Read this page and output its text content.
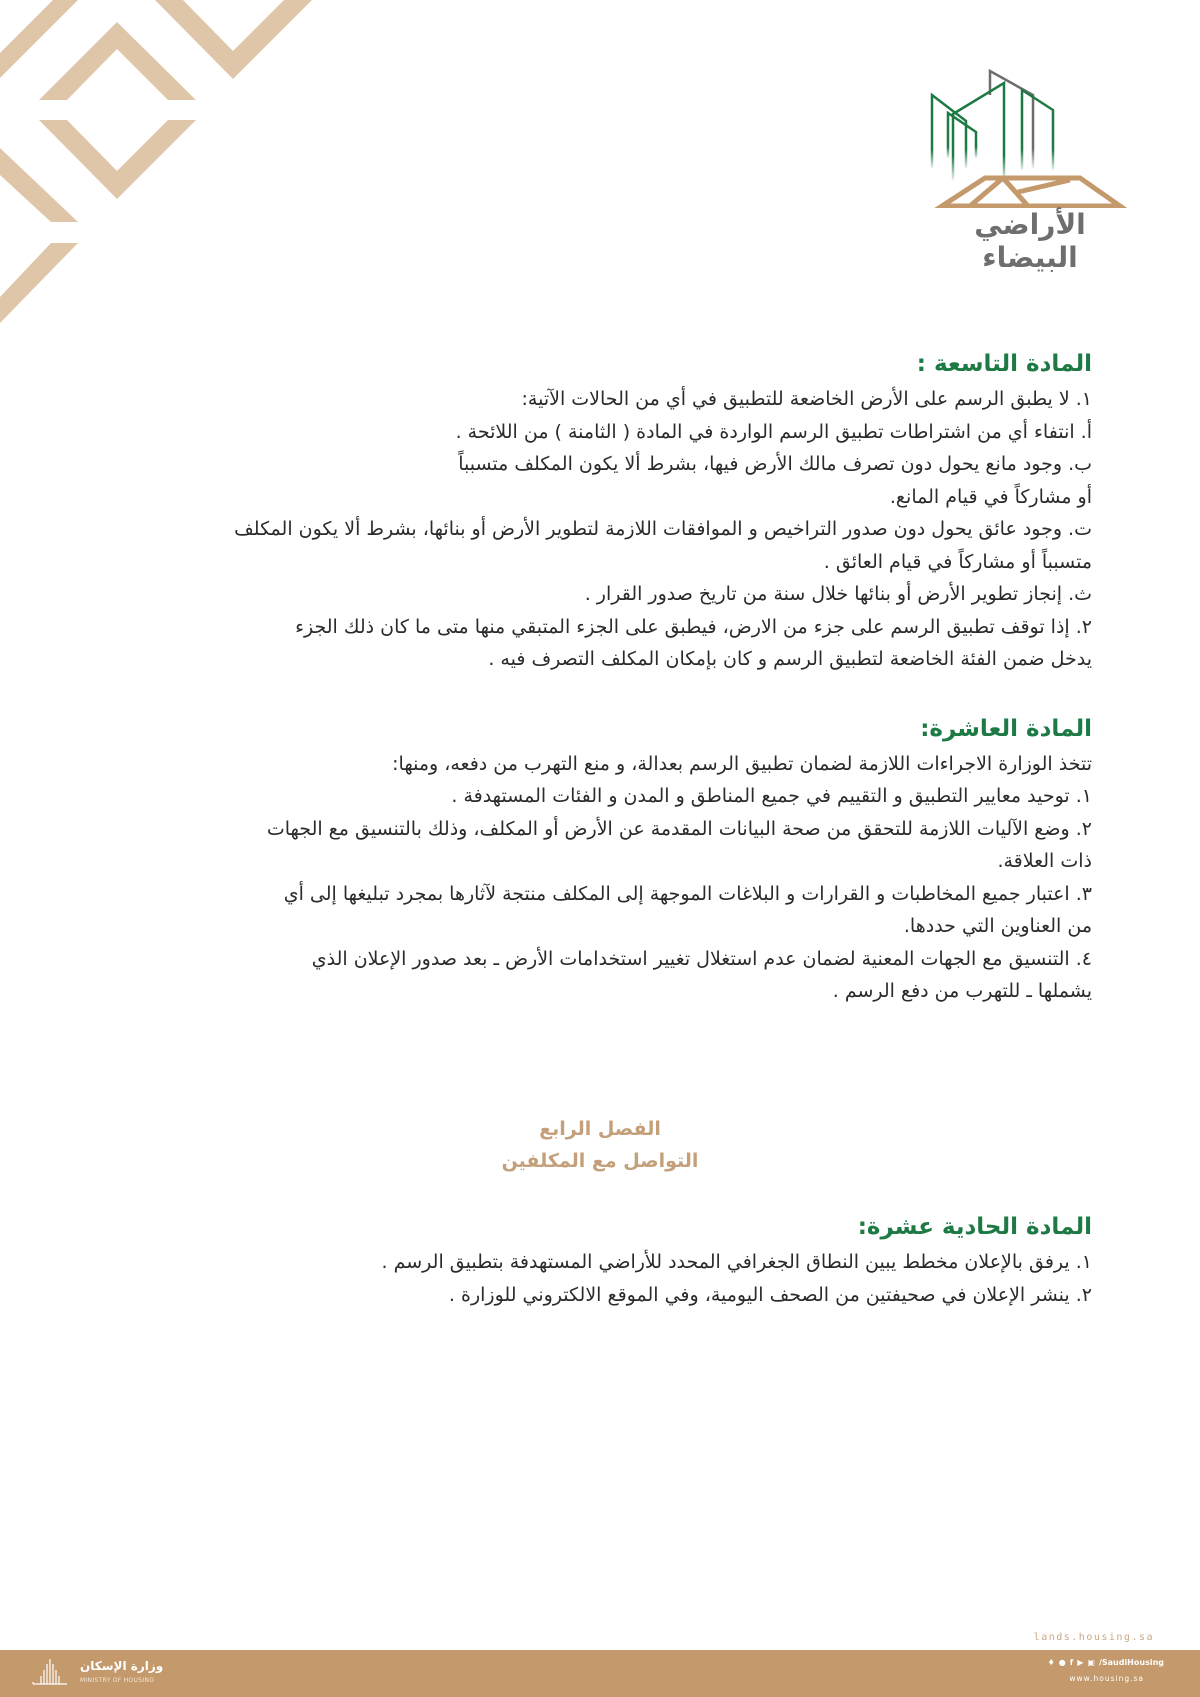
الأراضي البيضاء
المادة التاسعة :

١. لا يطبق الرسم على الأرض الخاضعة للتطبيق في أي من الحالات الآتية:

أ. انتفاء أي من اشتراطات تطبيق الرسم الواردة في المادة ( الثامنة ) من اللائحة .

ب. وجود مانع يحول دون تصرف مالك الأرض فيها، بشرط ألا يكون المكلف متسبباً

أو مشاركاً في قيام المانع.

ت. وجود عائق يحول دون صدور التراخيص و الموافقات اللازمة لتطوير الأرض أو بنائها، بشرط ألا يكون المكلف

متسبباً أو مشاركاً في قيام العائق .

ث. إنجاز تطوير الأرض أو بنائها خلال سنة من تاريخ صدور القرار .

٢. إذا توقف تطبيق الرسم على جزء من الارض، فيطبق على الجزء المتبقي منها متى ما كان ذلك الجزء

يدخل ضمن الفئة الخاضعة لتطبيق الرسم و كان بإمكان المكلف التصرف فيه .

المادة العاشرة:

تتخذ الوزارة الاجراءات اللازمة لضمان تطبيق الرسم بعدالة، و منع التهرب من دفعه، ومنها:

١. توحيد معايير التطبيق و التقييم في جميع المناطق و المدن و الفئات المستهدفة .

٢. وضع الآليات اللازمة للتحقق من صحة البيانات المقدمة عن الأرض أو المكلف، وذلك بالتنسيق مع الجهات

ذات العلاقة.

٣. اعتبار جميع المخاطبات و القرارات و البلاغات الموجهة إلى المكلف منتجة لآثارها بمجرد تبليغها إلى أي

من العناوين التي حددها.

٤. التنسيق مع الجهات المعنية لضمان عدم استغلال تغيير استخدامات الأرض ـ بعد صدور الإعلان الذي

يشملها ـ للتهرب من دفع الرسم .

الفصل الرابع
التواصل مع المكلفين
المادة الحادية عشرة:

١. يرفق بالإعلان مخطط يبين النطاق الجغرافي المحدد للأراضي المستهدفة بتطبيق الرسم .

٢. ينشر الإعلان في صحيفتين من الصحف اليومية، وفي الموقع الالكتروني للوزارة .

lands.housing.sa
وزارة الإسكان
MINISTRY OF HOUSING
♦ ● f ▶ ▣ /SaudiHousing
www.housing.sa
